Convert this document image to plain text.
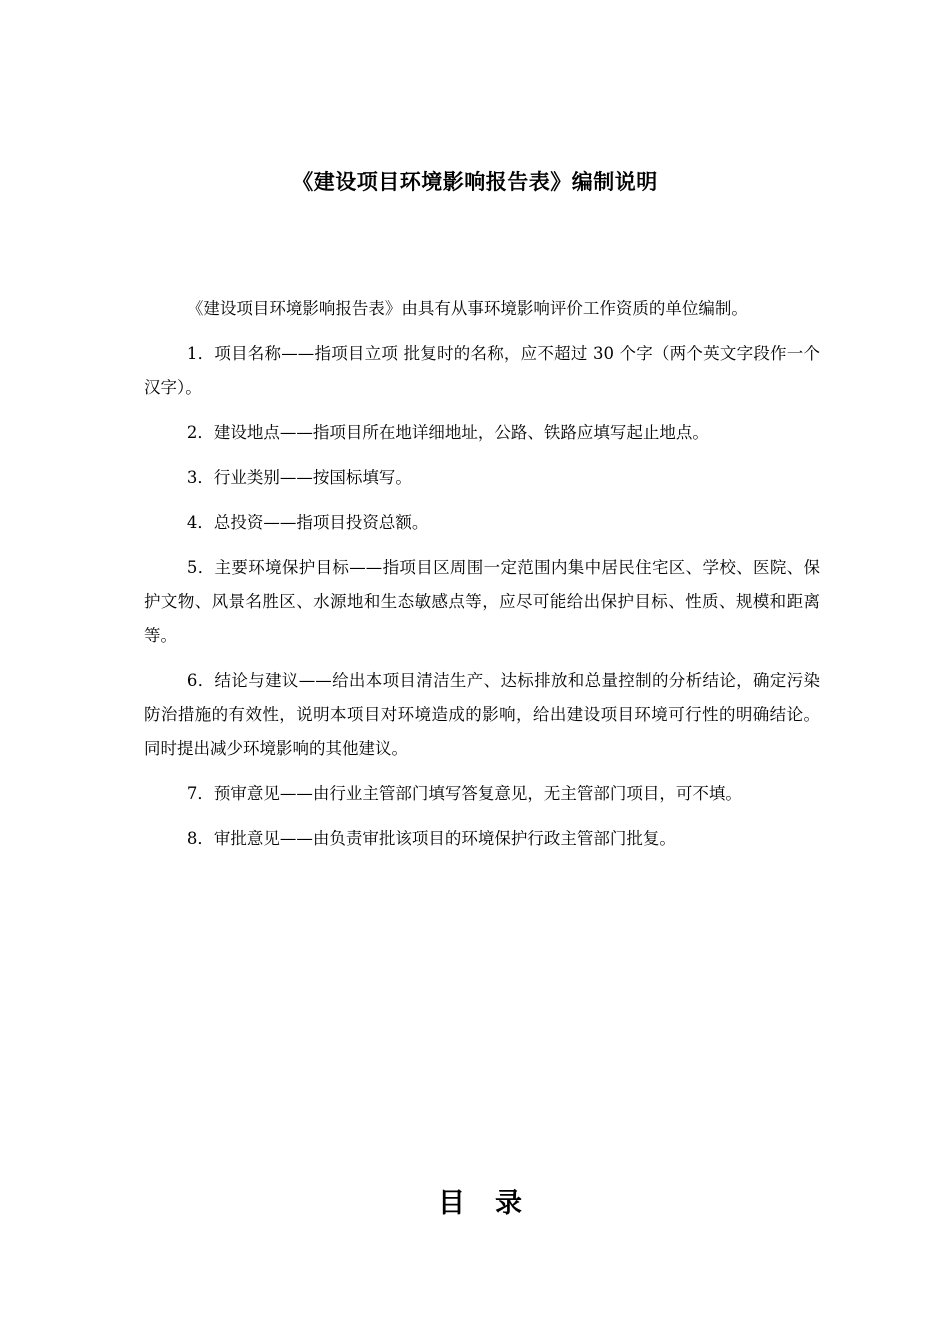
《建设项目环境影响报告表》编制说明

《建设项目环境影响报告表》由具有从事环境影响评价工作资质的单位编制。

1．项目名称——指项目立项 批复时的名称，应不超过 30 个字（两个英文字段作一个汉字）。

2．建设地点——指项目所在地详细地址，公路、铁路应填写起止地点。

3．行业类别——按国标填写。

4．总投资——指项目投资总额。

5．主要环境保护目标——指项目区周围一定范围内集中居民住宅区、学校、医院、保护文物、风景名胜区、水源地和生态敏感点等，应尽可能给出保护目标、性质、规模和距离等。

6．结论与建议——给出本项目清洁生产、达标排放和总量控制的分析结论，确定污染防治措施的有效性，说明本项目对环境造成的影响，给出建设项目环境可行性的明确结论。同时提出减少环境影响的其他建议。

7．预审意见——由行业主管部门填写答复意见，无主管部门项目，可不填。

8．审批意见——由负责审批该项目的环境保护行政主管部门批复。

目录
